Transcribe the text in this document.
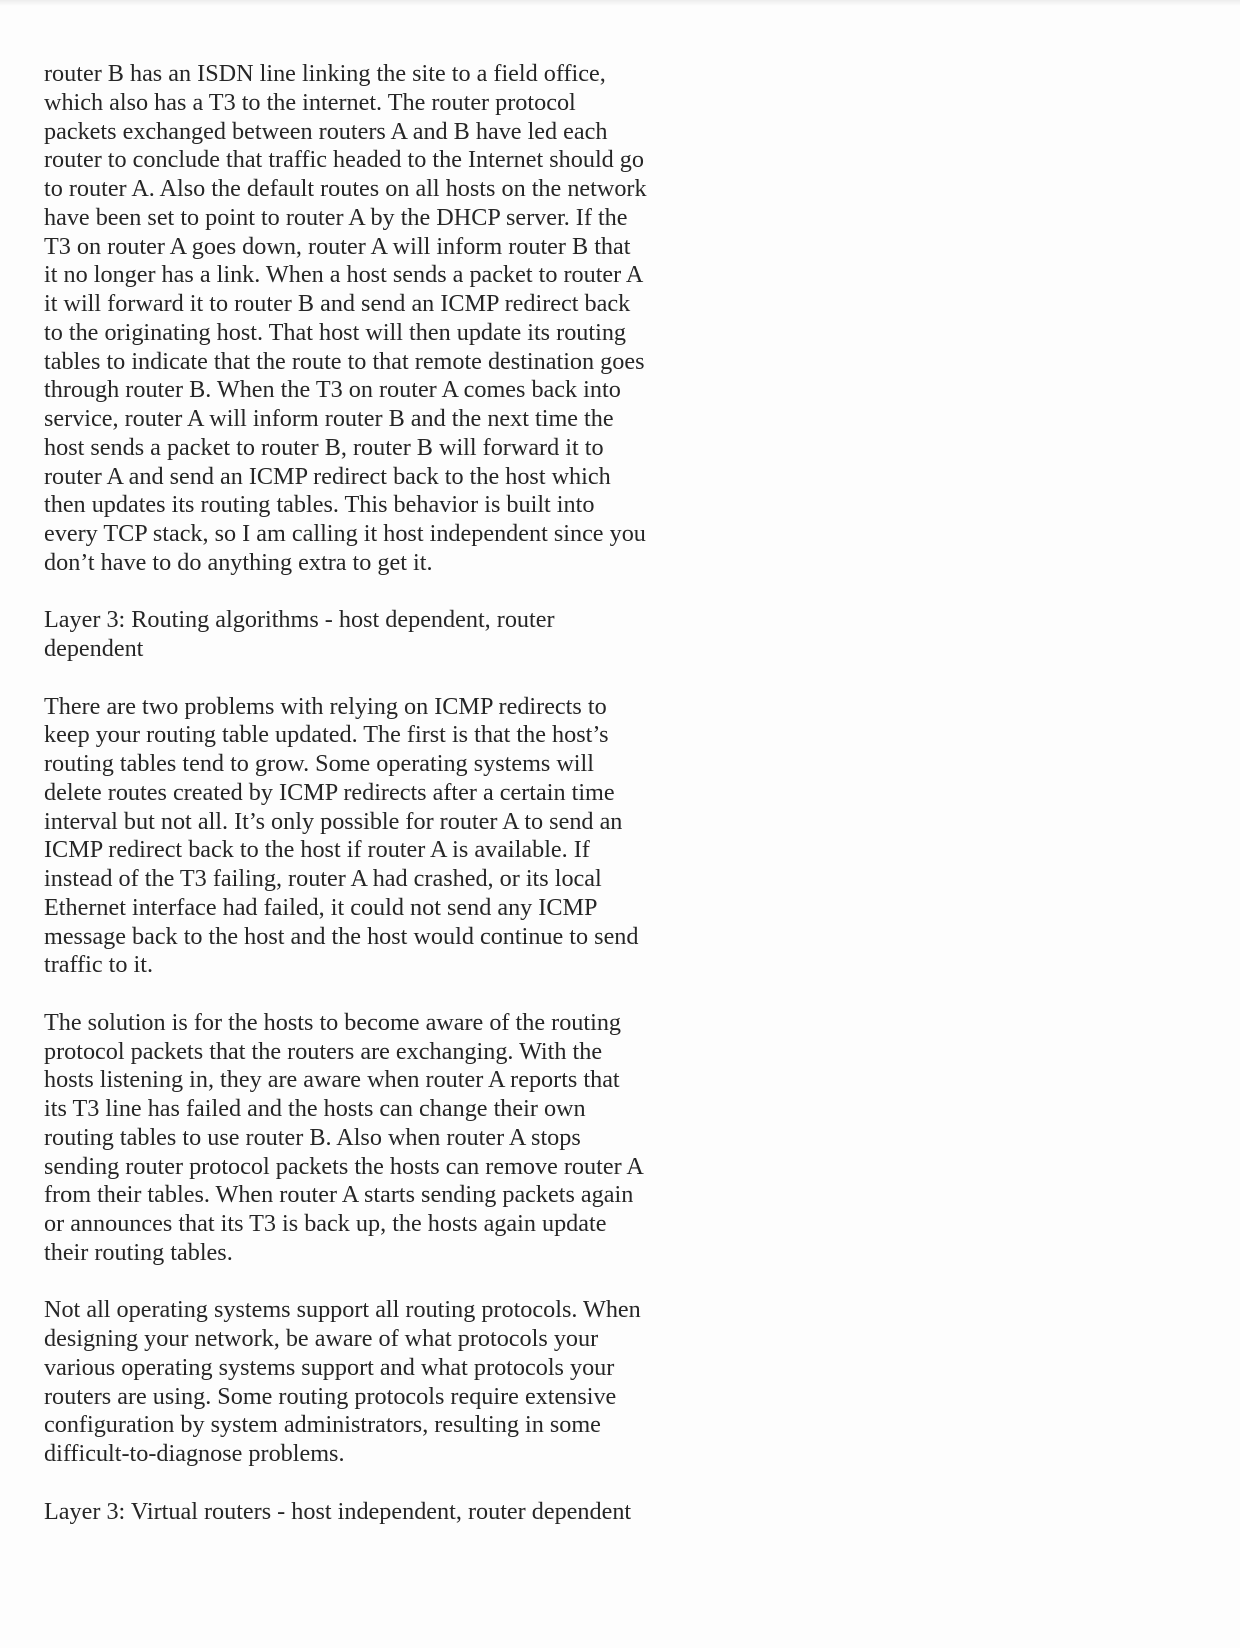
router B has an ISDN line linking the site to a field office,
which also has a T3 to the internet. The router protocol
packets exchanged between routers A and B have led each
router to conclude that traffic headed to the Internet should go
to router A. Also the default routes on all hosts on the network
have been set to point to router A by the DHCP server. If the
T3 on router A goes down, router A will inform router B that
it no longer has a link. When a host sends a packet to router A
it will forward it to router B and send an ICMP redirect back
to the originating host. That host will then update its routing
tables to indicate that the route to that remote destination goes
through router B. When the T3 on router A comes back into
service, router A will inform router B and the next time the
host sends a packet to router B, router B will forward it to
router A and send an ICMP redirect back to the host which
then updates its routing tables. This behavior is built into
every TCP stack, so I am calling it host independent since you
don’t have to do anything extra to get it.
Layer 3: Routing algorithms - host dependent, router
dependent
There are two problems with relying on ICMP redirects to
keep your routing table updated. The first is that the host’s
routing tables tend to grow. Some operating systems will
delete routes created by ICMP redirects after a certain time
interval but not all. It’s only possible for router A to send an
ICMP redirect back to the host if router A is available. If
instead of the T3 failing, router A had crashed, or its local
Ethernet interface had failed, it could not send any ICMP
message back to the host and the host would continue to send
traffic to it.
The solution is for the hosts to become aware of the routing
protocol packets that the routers are exchanging. With the
hosts listening in, they are aware when router A reports that
its T3 line has failed and the hosts can change their own
routing tables to use router B. Also when router A stops
sending router protocol packets the hosts can remove router A
from their tables. When router A starts sending packets again
or announces that its T3 is back up, the hosts again update
their routing tables.
Not all operating systems support all routing protocols. When
designing your network, be aware of what protocols your
various operating systems support and what protocols your
routers are using. Some routing protocols require extensive
configuration by system administrators, resulting in some
difficult-to-diagnose problems.
Layer 3: Virtual routers - host independent, router dependent
